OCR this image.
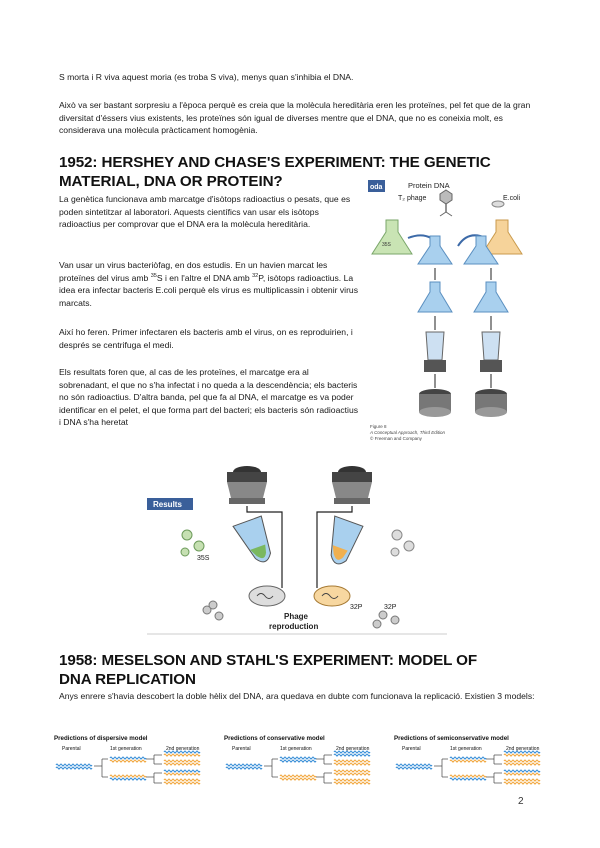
S morta i R viva aquest moria (es troba S viva), menys quan s'inhibia el DNA.
Això va ser bastant sorpresiu a l'època perquè es creia que la molècula hereditària eren les proteïnes, pel fet que de la gran diversitat d'éssers vius existents, les proteïnes són igual de diverses mentre que el DNA, que no es coneixia molt, es considerava una molècula pràcticament homogènia.
1952: HERSHEY AND CHASE'S EXPERIMENT: THE GENETIC MATERIAL, DNA OR PROTEIN?
La genètica funcionava amb marcatge d'isòtops radioactius o pesats, que es poden sintetitzar al laboratori. Aquests científics van usar els isòtops radioactius per comprovar que el DNA era la molècula hereditària.
Van usar un virus bacteriòfag, en dos estudis. En un havien marcat les proteïnes del virus amb $^{35}$S i en l'altre el DNA amb $^{32}$P, isòtops radioactius. La idea era infectar bacteris E.coli perquè els virus es multiplicassin i obtenir virus marcats.
Així ho feren. Primer infectaren els bacteris amb el virus, on es reproduirien, i després se centrifuga el medi.
Els resultats foren que, al cas de les proteïnes, el marcatge era al sobrenadant, el que no s'ha infectat i no queda a la descendència; els bacteris no són radioactius. D'altra banda, pel que fa al DNA, el marcatge es va poder identificar en el pelet, el que forma part del bacteri; els bacteris són radioactius i DNA s'ha heretat
oda	Protein DNA
T₂ phage	E.coli
35S
Figure 8
A Conceptual Approach, Third Edition
© Freeman and Company
Results
35S
32P	32P
Phage
reproduction
1958: MESELSON AND STAHL'S EXPERIMENT: MODEL OF DNA REPLICATION
Anys enrere s'havia descobert la doble hèlix del DNA, ara quedava en dubte com funcionava la replicació. Existien 3 models:
Predictions of dispersive model
Parental	1st generation	2nd generation
Predictions of conservative model
Parental	1st generation	2nd generation
Predictions of semiconservative model
Parental	1st generation	2nd generation
2
